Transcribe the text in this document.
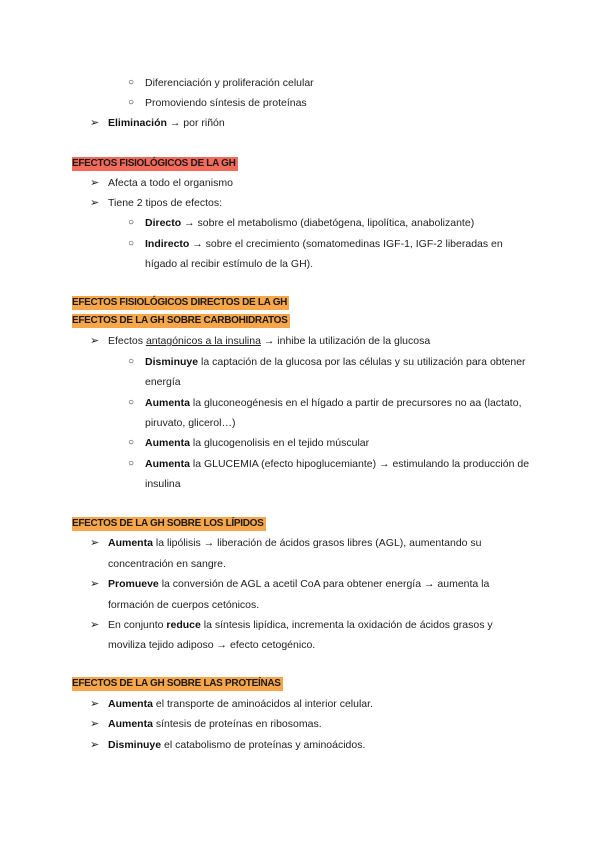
○ Diferenciación y proliferación celular
○ Promoviendo síntesis de proteínas
➢ Eliminación → por riñón
EFECTOS FISIOLÓGICOS DE LA GH
➢ Afecta a todo el organismo
➢ Tiene 2 tipos de efectos:
○ Directo → sobre el metabolismo (diabetógena, lipolítica, anabolizante)
○ Indirecto → sobre el crecimiento (somatomedinas IGF-1, IGF-2 liberadas en
hígado al recibir estímulo de la GH).
EFECTOS FISIOLÓGICOS DIRECTOS DE LA GH
EFECTOS DE LA GH SOBRE CARBOHIDRATOS
➢ Efectos antagónicos a la insulina → inhibe la utilización de la glucosa
○ Disminuye la captación de la glucosa por las células y su utilización para obtener
energía
○ Aumenta la gluconeogénesis en el hígado a partir de precursores no aa (lactato,
piruvato, glicerol…)
○ Aumenta la glucogenolisis en el tejido múscular
○ Aumenta la GLUCEMIA (efecto hipoglucemiante) → estimulando la producción de
insulina
EFECTOS DE LA GH SOBRE LOS LÍPIDOS
➢ Aumenta la lipólisis → liberación de ácidos grasos libres (AGL), aumentando su
concentración en sangre.
➢ Promueve la conversión de AGL a acetil CoA para obtener energía → aumenta la
formación de cuerpos cetónicos.
➢ En conjunto reduce la síntesis lipídica, incrementa la oxidación de ácidos grasos y
moviliza tejido adiposo → efecto cetogénico.
EFECTOS DE LA GH SOBRE LAS PROTEÍNAS
➢ Aumenta el transporte de aminoácidos al interior celular.
➢ Aumenta síntesis de proteínas en ribosomas.
➢ Disminuye el catabolismo de proteínas y aminoácidos.
